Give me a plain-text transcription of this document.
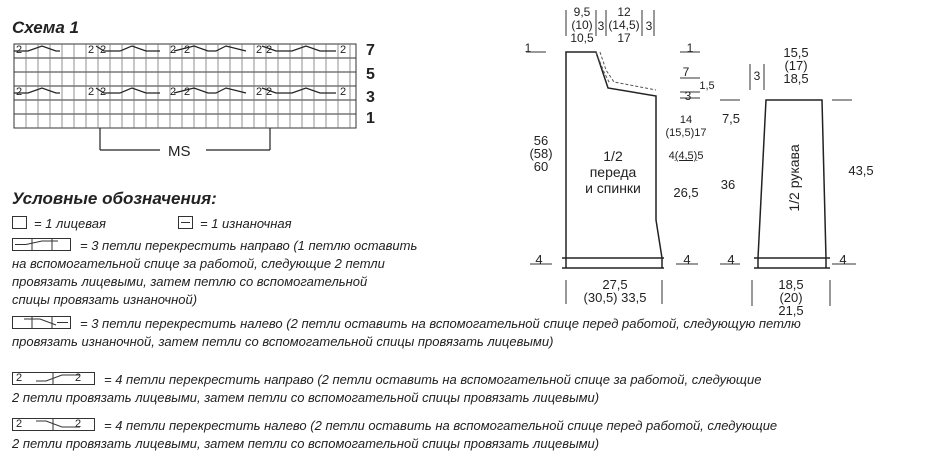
Схема 1
2	2 2	2 2	2 2	2
2	2 2	2 2	2 2	2
7
5
3
1
MS
Условные обозначения:
= 1 лицевая	= 1 изнаночная
= 3 петли перекрестить направо (1 петлю оставить
на вспомогательной спице за работой, следующие 2 петли
провязать лицевыми, затем петлю со вспомогательной
спицы провязать изнаночной)
= 3 петли перекрестить налево (2 петли оставить на вспомогательной спице перед работой, следующую петлю
провязать изнаночной, затем петли со вспомогательной спицы провязать лицевыми)
2	2 = 4 петли перекрестить направо (2 петли оставить на вспомогательной спице за работой, следующие
2 петли провязать лицевыми, затем петли со вспомогательной спицы провязать лицевыми)
2	2 = 4 петли перекрестить налево (2 петли оставить на вспомогательной спице перед работой, следующие
2 петли провязать лицевыми, затем петли со вспомогательной спицы провязать лицевыми)
9,5
(10)
10,5
3
12
(14,5)
17
3
1	1
7
1,5
3
14
(15,5)17
4(4,5)5
26,5
56
(58)
60
1/2
переда
и спинки
4	4
27,5
(30,5) 33,5
15,5
(17)
18,5
3
7,5
36
43,5
1/2 рукава
4	4
18,5
(20)
21,5
